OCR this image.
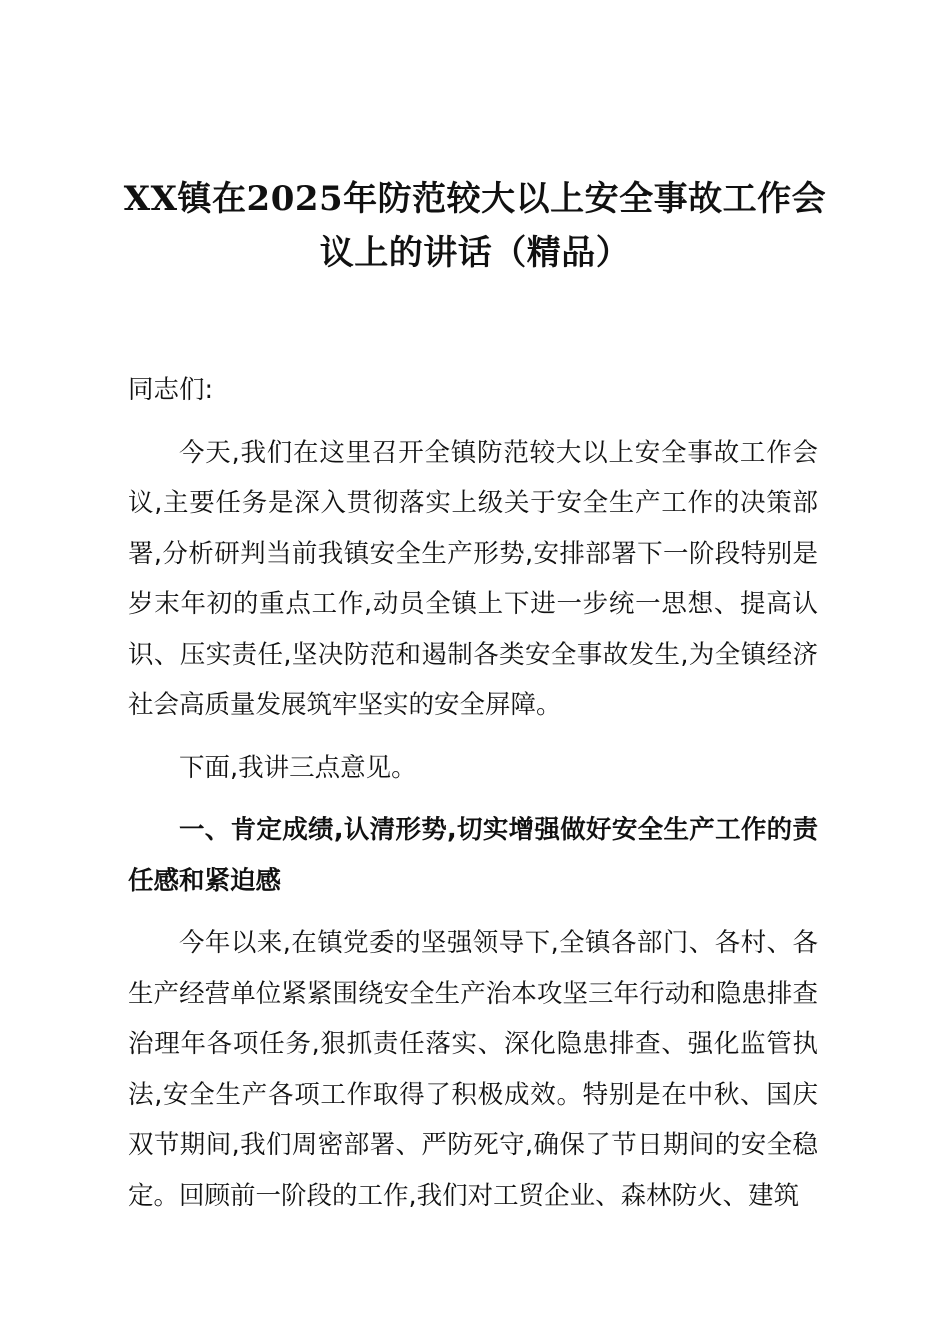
XX镇在2025年防范较大以上安全事故工作会议上的讲话（精品）

同志们:

今天,我们在这里召开全镇防范较大以上安全事故工作会议,主要任务是深入贯彻落实上级关于安全生产工作的决策部署,分析研判当前我镇安全生产形势,安排部署下一阶段特别是岁末年初的重点工作,动员全镇上下进一步统一思想、提高认识、压实责任,坚决防范和遏制各类安全事故发生,为全镇经济社会高质量发展筑牢坚实的安全屏障。

下面,我讲三点意见。

一、肯定成绩,认清形势,切实增强做好安全生产工作的责任感和紧迫感

今年以来,在镇党委的坚强领导下,全镇各部门、各村、各生产经营单位紧紧围绕安全生产治本攻坚三年行动和隐患排查治理年各项任务,狠抓责任落实、深化隐患排查、强化监管执法,安全生产各项工作取得了积极成效。特别是在中秋、国庆双节期间,我们周密部署、严防死守,确保了节日期间的安全稳定。回顾前一阶段的工作,我们对工贸企业、森林防火、建筑
